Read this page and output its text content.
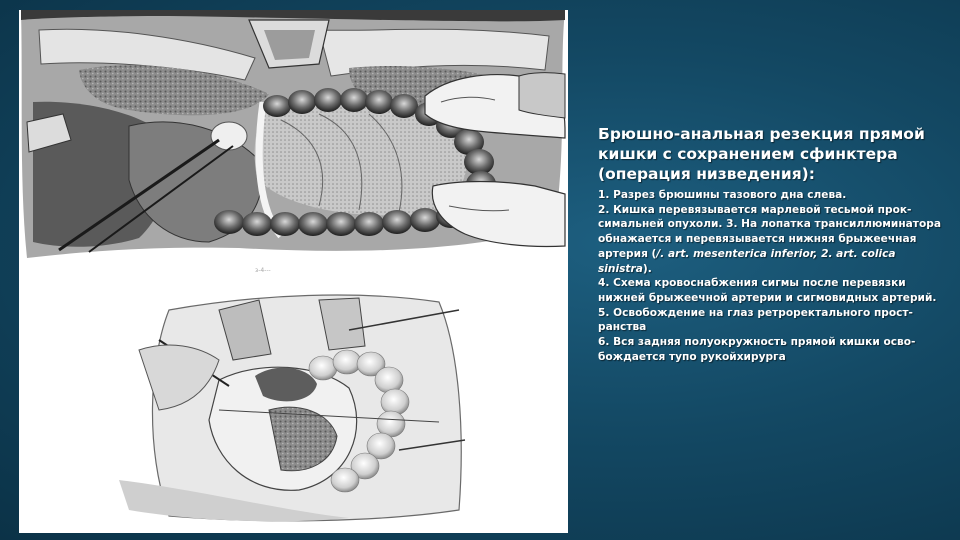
з-4---
Брюшно-анальная резекция прямой кишки с сохранением сфинктера (операция низведения):

1. Разрез брюшины тазового дна слева.

2. Кишка перевязывается марлевой тесьмой прок-симальней опухоли. 3. На лопатка трансиллюминатора обнажается и перевязывается нижняя брыжеечная артерия (/. art. mesenterica inferior, 2. art. colica sinistra).

4. Схема кровоснабжения сигмы после перевязки нижней брыжеечной артерии и сигмовидных артерий.

5. Освобождение на глаз ретроректального прост-ранства

6. Вся задняя полуокружность прямой кишки осво-бождается тупо рукойхирурга
